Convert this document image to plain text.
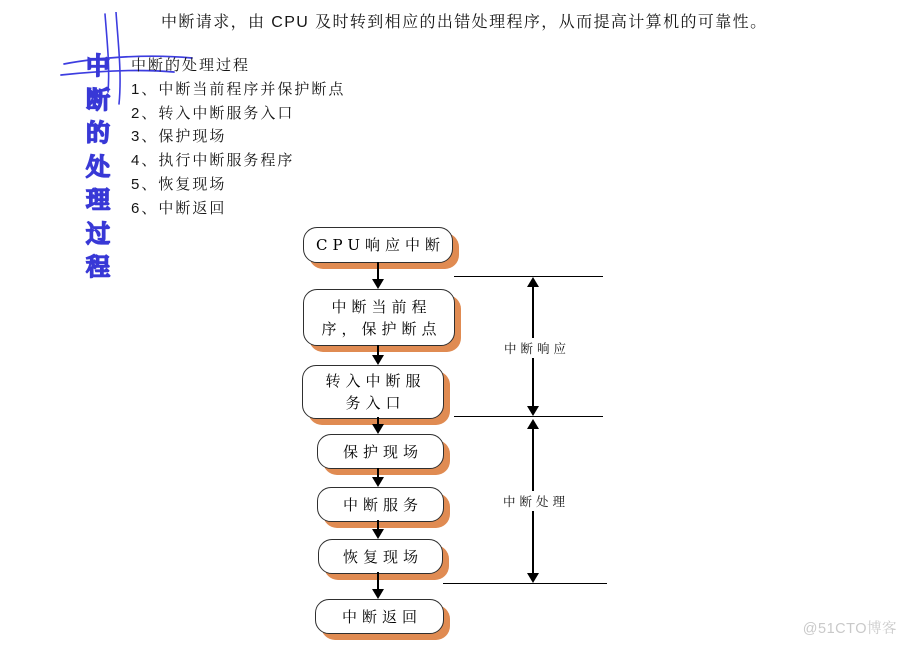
中断请求，由 CPU 及时转到相应的出错处理程序，从而提高计算机的可靠性。
中
断
的
处
理
过
程
中断的处理过程
1、中断当前程序并保护断点
2、转入中断服务入口
3、保护现场
4、执行中断服务程序
5、恢复现场
6、中断返回
CPU响应中断
中断当前程
序，保护断点
转入中断服
务入口
保护现场
中断服务
恢复现场
中断返回
中断响应
中断处理
@51CTO博客
